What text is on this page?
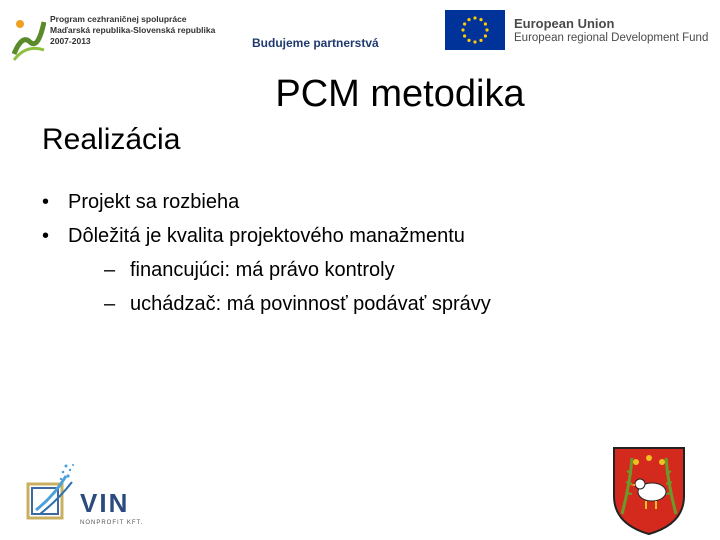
Program cezhraničnej spolupráce
Maďarská republika-Slovenská republika
2007-2013	Budujeme partnerstvá
European Union
European regional Development Fund
PCM metodika
Realizácia
• Projekt sa rozbieha
• Dôležitá je kvalita projektového manažmentu
– financujúci: má právo kontroly
– uchádzač: má povinnosť podávať správy
VIN
NONPROFIT KFT.
